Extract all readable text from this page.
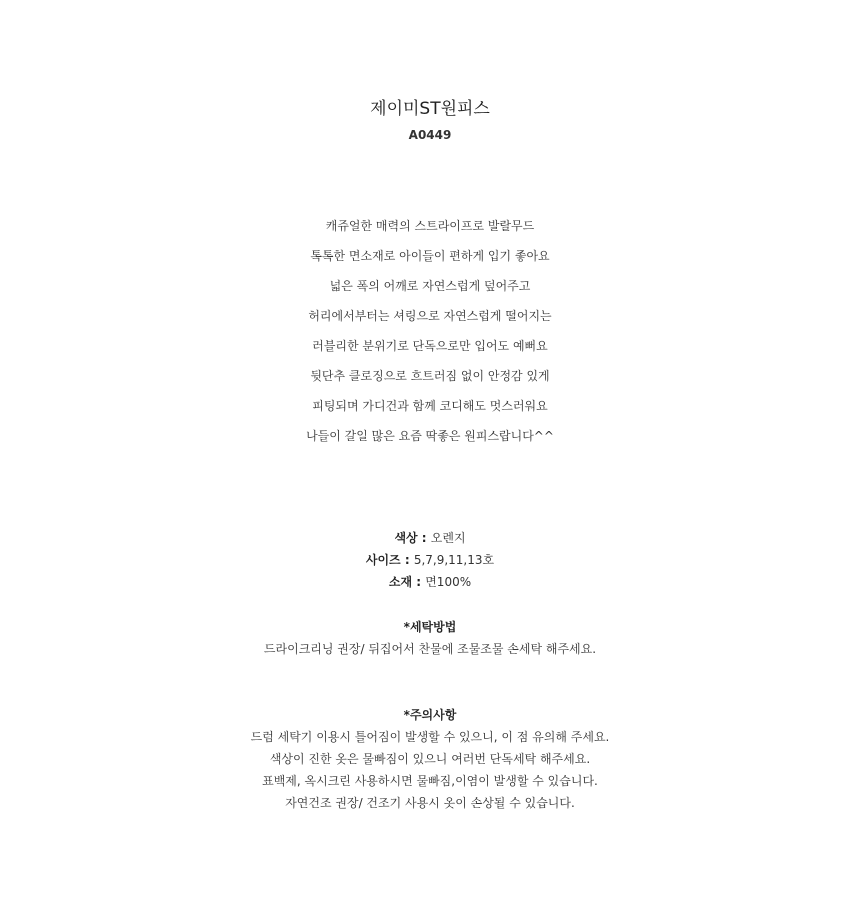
제이미ST원피스
A0449
캐쥬얼한 매력의 스트라이프로 발랄무드
톡톡한 면소재로 아이들이 편하게 입기 좋아요
넓은 폭의 어깨로 자연스럽게 덮어주고
허리에서부터는 셔링으로 자연스럽게 떨어지는
러블리한 분위기로 단독으로만 입어도 예뻐요
뒷단추 클로징으로 흐트러짐 없이 안정감 있게
피팅되며 가디건과 함께 코디해도 멋스러워요
나들이 갈일 많은 요즘 딱좋은 원피스랍니다^^
색상 : 오렌지
사이즈 : 5,7,9,11,13호
소재 : 면100%
*세탁방법
드라이크리닝 권장/ 뒤집어서 찬물에 조물조물 손세탁 해주세요.
*주의사항
드럼 세탁기 이용시 틀어짐이 발생할 수 있으니, 이 점 유의해 주세요.
색상이 진한 옷은 물빠짐이 있으니 여러번 단독세탁 해주세요.
표백제, 옥시크린 사용하시면 물빠짐,이염이 발생할 수 있습니다.
자연건조 권장/ 건조기 사용시 옷이 손상될 수 있습니다.
